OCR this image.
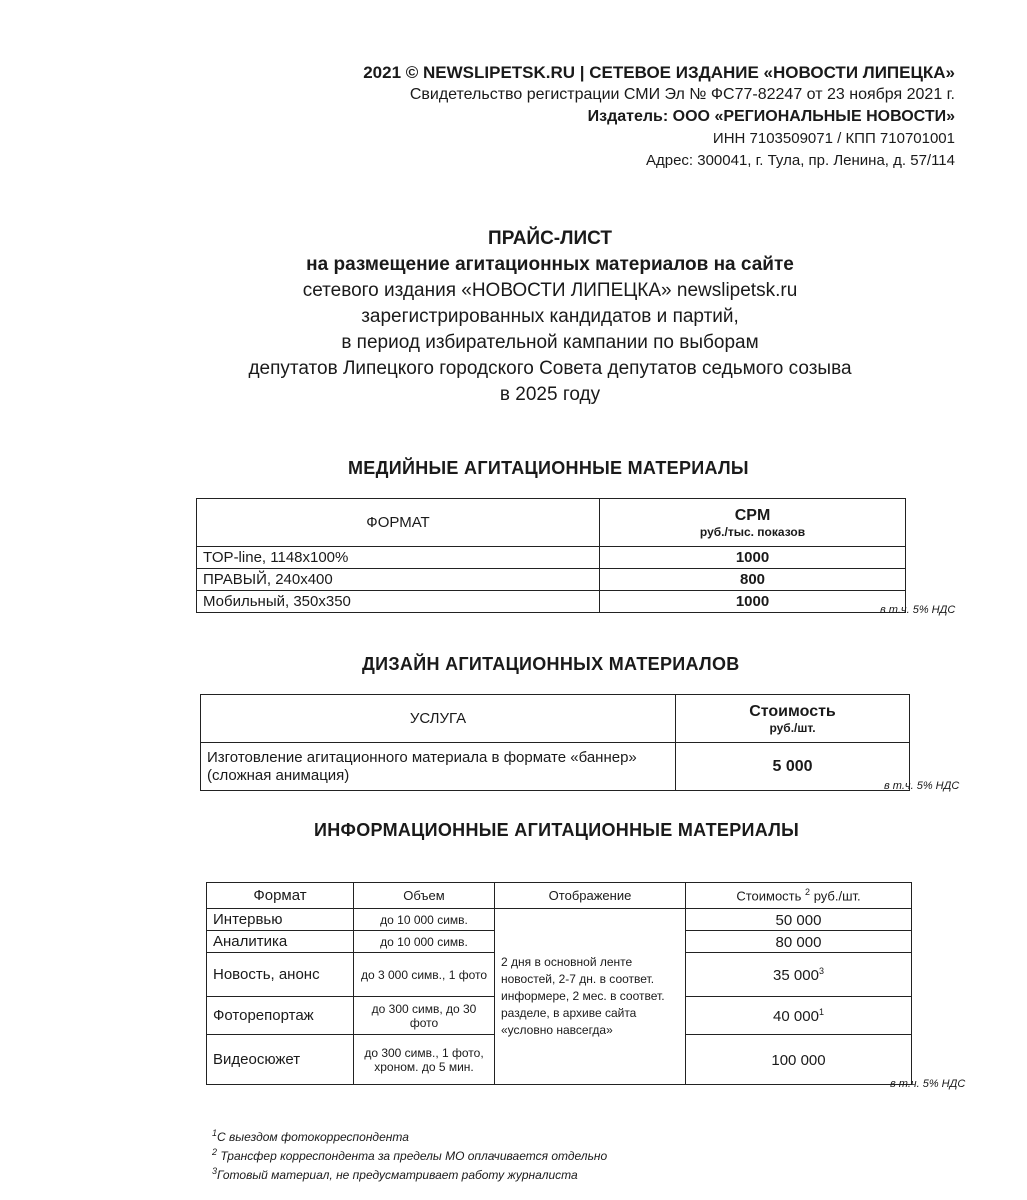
2021 © NEWSLIPETSK.RU | СЕТЕВОЕ ИЗДАНИЕ «НОВОСТИ ЛИПЕЦКА»
Свидетельство регистрации СМИ Эл № ФС77-82247 от 23 ноября 2021 г.
Издатель: ООО «РЕГИОНАЛЬНЫЕ НОВОСТИ»
ИНН 7103509071 / КПП 710701001
Адрес: 300041, г. Тула, пр. Ленина, д. 57/114
ПРАЙС-ЛИСТ
на размещение агитационных материалов на сайте
сетевого издания «НОВОСТИ ЛИПЕЦКА» newslipetsk.ru
зарегистрированных кандидатов и партий,
в период избирательной кампании по выборам
депутатов Липецкого городского Совета депутатов седьмого созыва
в 2025 году
МЕДИЙНЫЕ АГИТАЦИОННЫЕ МАТЕРИАЛЫ
ФОРМАТ	CPM
руб./тыс. показов

TOP-line, 1148x100%	1000
ПРАВЫЙ, 240x400	800
Мобильный, 350x350	1000	в т.ч. 5% НДС
ДИЗАЙН АГИТАЦИОННЫХ МАТЕРИАЛОВ
УСЛУГА	Стоимость
руб./шт.

Изготовление агитационного материала в формате «баннер» (сложная анимация)	5 000
в т.ч. 5% НДС
ИНФОРМАЦИОННЫЕ АГИТАЦИОННЫЕ МАТЕРИАЛЫ
Формат	Объем	Отображение	Стоимость $^2$ руб./шт.
Интервью	до 10 000 симв.	2 дня в основной ленте новостей, 2-7 дн. в соответ. информере, 2 мес. в соответ. разделе, в архиве сайта «условно навсегда»	50 000
Аналитика	до 10 000 симв.		80 000
Новость, анонс	до 3 000 симв., 1 фото		35 $000^3$
Фоторепортаж	до 300 симв, до 30 фото		40 $000^1$
Видеосюжет	до 300 симв., 1 фото, хроном. до 5 мин.		100 000
в т.ч. 5% НДС
$^1$С выездом фотокорреспондента
$^2$ Трансфер корреспондента за пределы МО оплачивается отдельно
$^3$Готовый материал, не предусматривает работу журналиста
